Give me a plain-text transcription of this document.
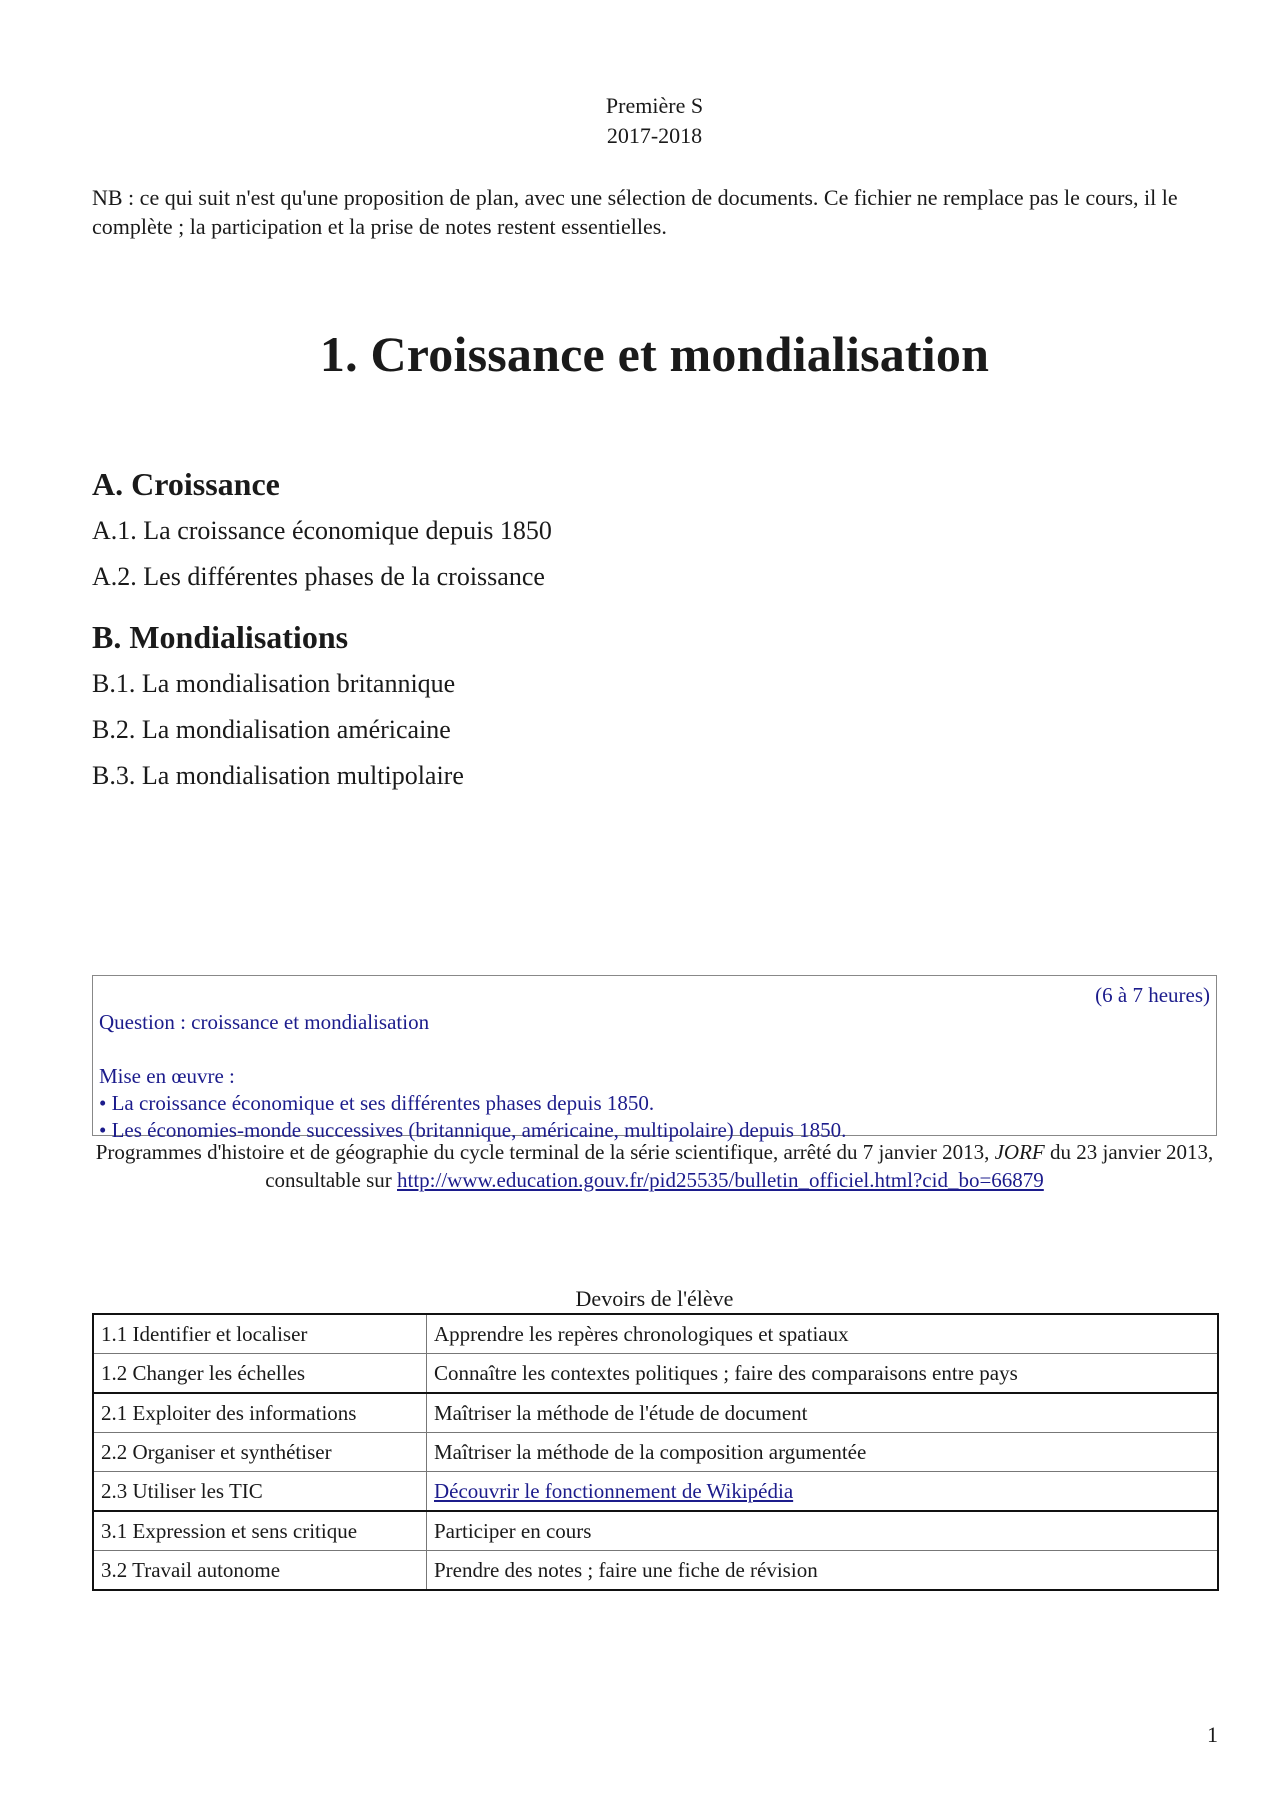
Première S
2017-2018
NB : ce qui suit n'est qu'une proposition de plan, avec une sélection de documents. Ce fichier ne remplace pas le cours, il le complète ; la participation et la prise de notes restent essentielles.
1. Croissance et mondialisation
A. Croissance
A.1. La croissance économique depuis 1850
A.2. Les différentes phases de la croissance
B. Mondialisations
B.1. La mondialisation britannique
B.2. La mondialisation américaine
B.3. La mondialisation multipolaire
(6 à 7 heures)
Question : croissance et mondialisation
Mise en œuvre :
• La croissance économique et ses différentes phases depuis 1850.
• Les économies-monde successives (britannique, américaine, multipolaire) depuis 1850.
Programmes d'histoire et de géographie du cycle terminal de la série scientifique, arrêté du 7 janvier 2013, JORF du 23 janvier 2013, consultable sur http://www.education.gouv.fr/pid25535/bulletin_officiel.html?cid_bo=66879
Devoirs de l'élève
1.1 Identifier et localiser	Apprendre les repères chronologiques et spatiaux
1.2 Changer les échelles	Connaître les contextes politiques ; faire des comparaisons entre pays
2.1 Exploiter des informations	Maîtriser la méthode de l'étude de document
2.2 Organiser et synthétiser	Maîtriser la méthode de la composition argumentée
2.3 Utiliser les TIC	Découvrir le fonctionnement de Wikipédia
3.1 Expression et sens critique	Participer en cours
3.2 Travail autonome	Prendre des notes ; faire une fiche de révision
1
